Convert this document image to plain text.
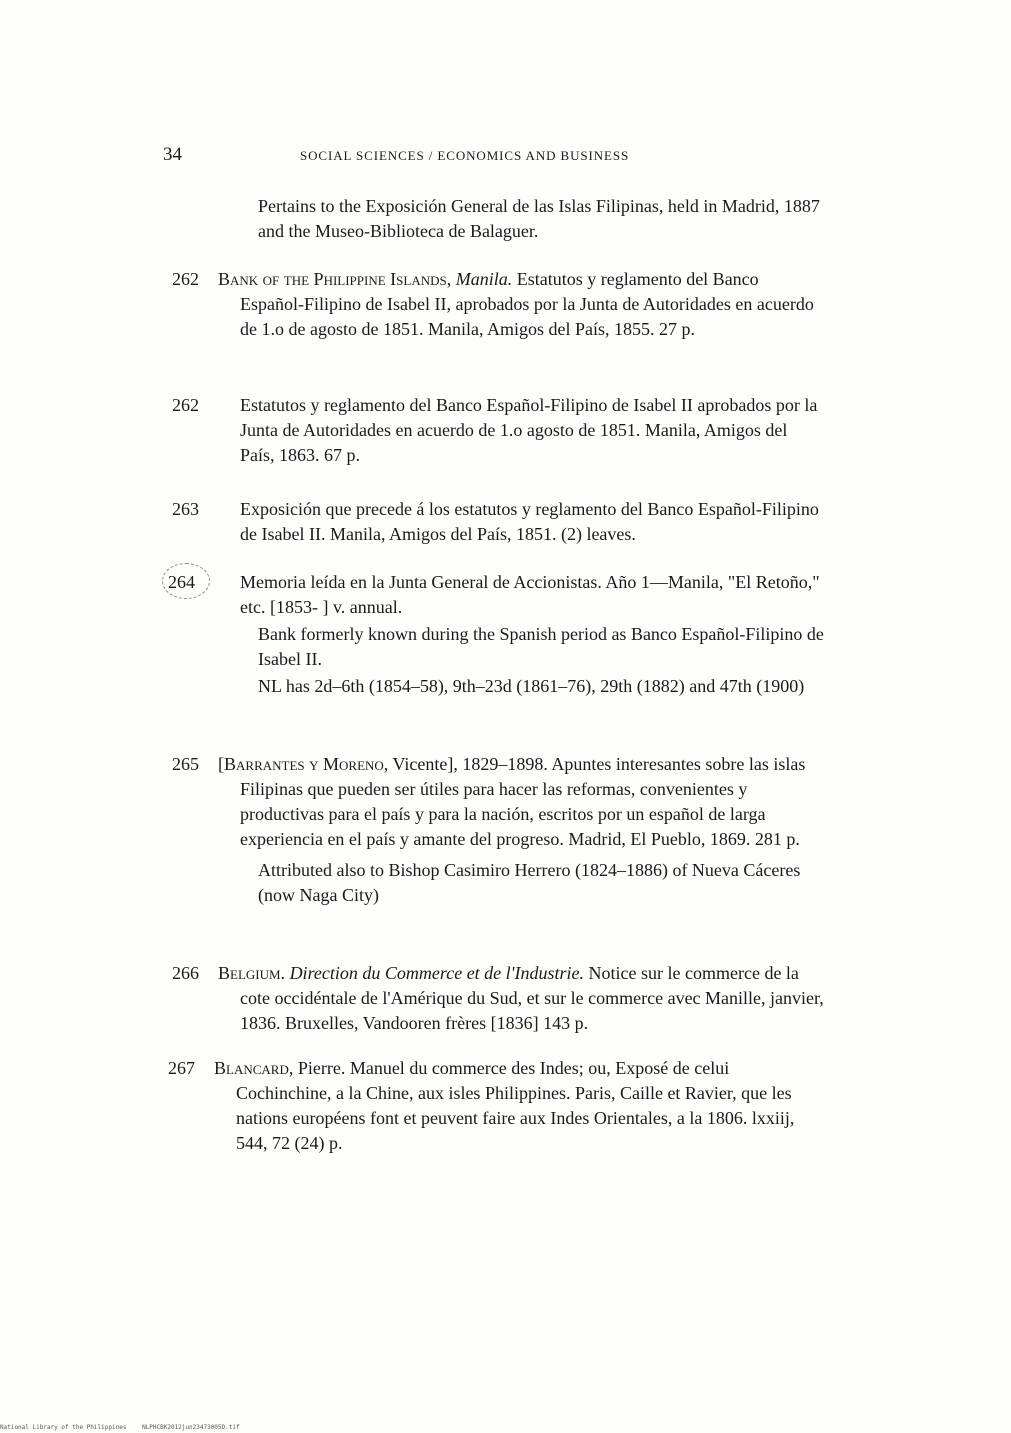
34	SOCIAL SCIENCES / ECONOMICS AND BUSINESS

Pertains to the Exposición General de las Islas Filipinas, held in Madrid, 1887 and the Museo-Biblioteca de Balaguer.

262 Bank of the Philippine Islands, Manila. Estatutos y reglamento del Banco Español-Filipino de Isabel II, aprobados por la Junta de Autoridades en acuerdo de 1.o de agosto de 1851. Manila, Amigos del País, 1855. 27 p.

262 Estatutos y reglamento del Banco Español-Filipino de Isabel II aprobados por la Junta de Autoridades en acuerdo de 1.o agosto de 1851. Manila, Amigos del País, 1863. 67 p.

263 Exposición que precede á los estatutos y reglamento del Banco Español-Filipino de Isabel II. Manila, Amigos del País, 1851. (2) leaves.

264	Memoria leída en la Junta General de Accionistas. Año 1—Manila, "El Retoño," etc. [1853- ] v. annual.

Bank formerly known during the Spanish period as Banco Español-Filipino de Isabel II.

NL has 2d–6th (1854–58), 9th–23d (1861–76), 29th (1882) and 47th (1900)

265 [Barrantes y Moreno, Vicente], 1829–1898. Apuntes interesantes sobre las islas Filipinas que pueden ser útiles para hacer las reformas, convenientes y productivas para el país y para la nación, escritos por un español de larga experiencia en el país y amante del progreso. Madrid, El Pueblo, 1869. 281 p.

Attributed also to Bishop Casimiro Herrero (1824–1886) of Nueva Cáceres (now Naga City)

266 Belgium. Direction du Commerce et de l'Industrie. Notice sur le commerce de la cote occidéntale de l'Amérique du Sud, et sur le commerce avec Manille, janvier, 1836. Bruxelles, Vandooren frères [1836] 143 p.

267 Blancard, Pierre. Manuel du commerce des Indes; ou, Exposé de celui Cochinchine, a la Chine, aux isles Philippines. Paris, Caille et Ravier, que les nations européens font et peuvent faire aux Indes Orientales, a la 1806. lxxiij, 544, 72 (24) p.

National Library of the Philippines	NLPHCBK2012jun23473005D.tif
